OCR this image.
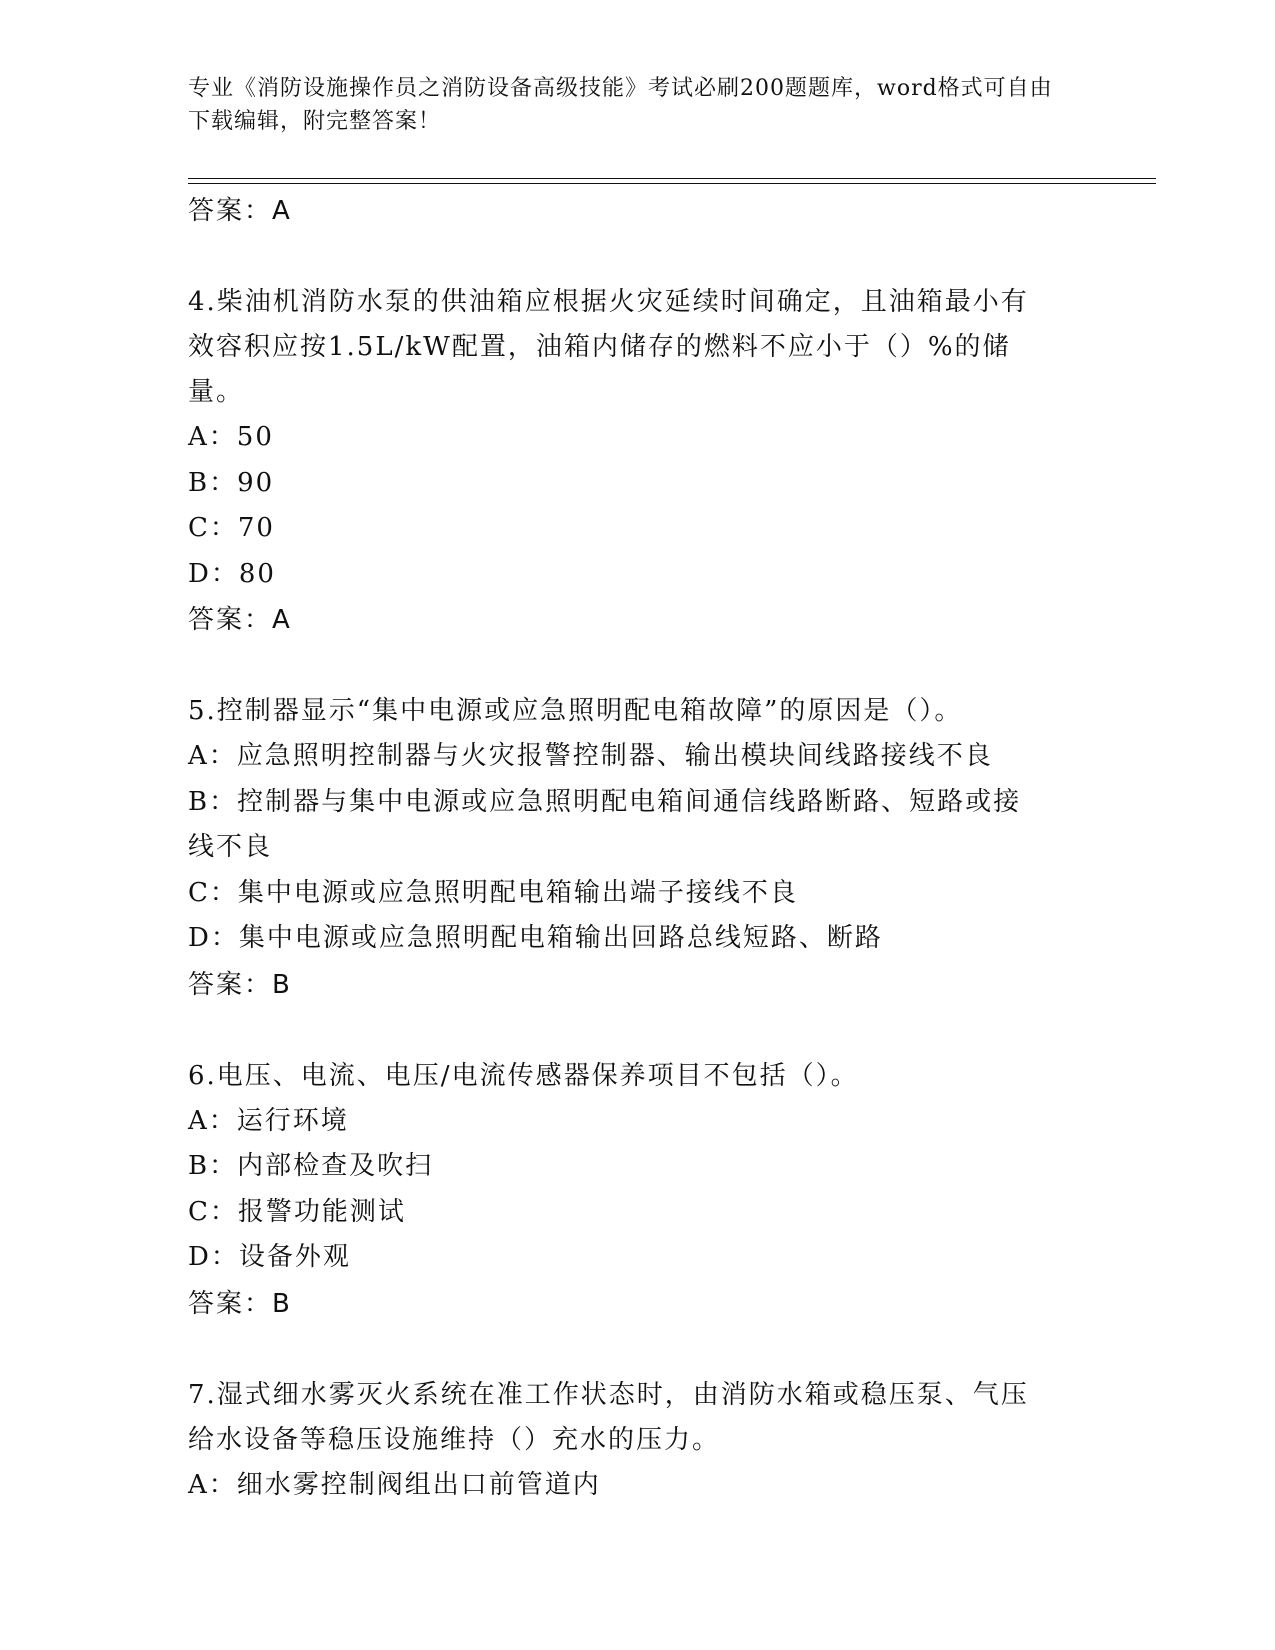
专业《消防设施操作员之消防设备高级技能》考试必刷200题题库，word格式可自由下载编辑，附完整答案！
答案：A
4.柴油机消防水泵的供油箱应根据火灾延续时间确定，且油箱最小有效容积应按1.5L/kW配置，油箱内储存的燃料不应小于（）%的储量。
A：50
B：90
C：70
D：80
答案：A
5.控制器显示“集中电源或应急照明配电箱故障”的原因是（）。
A：应急照明控制器与火灾报警控制器、输出模块间线路接线不良
B：控制器与集中电源或应急照明配电箱间通信线路断路、短路或接线不良
C：集中电源或应急照明配电箱输出端子接线不良
D：集中电源或应急照明配电箱输出回路总线短路、断路
答案：B
6.电压、电流、电压/电流传感器保养项目不包括（）。
A：运行环境
B：内部检查及吹扫
C：报警功能测试
D：设备外观
答案：B
7.湿式细水雾灭火系统在准工作状态时，由消防水箱或稳压泵、气压给水设备等稳压设施维持（）充水的压力。
A：细水雾控制阀组出口前管道内
